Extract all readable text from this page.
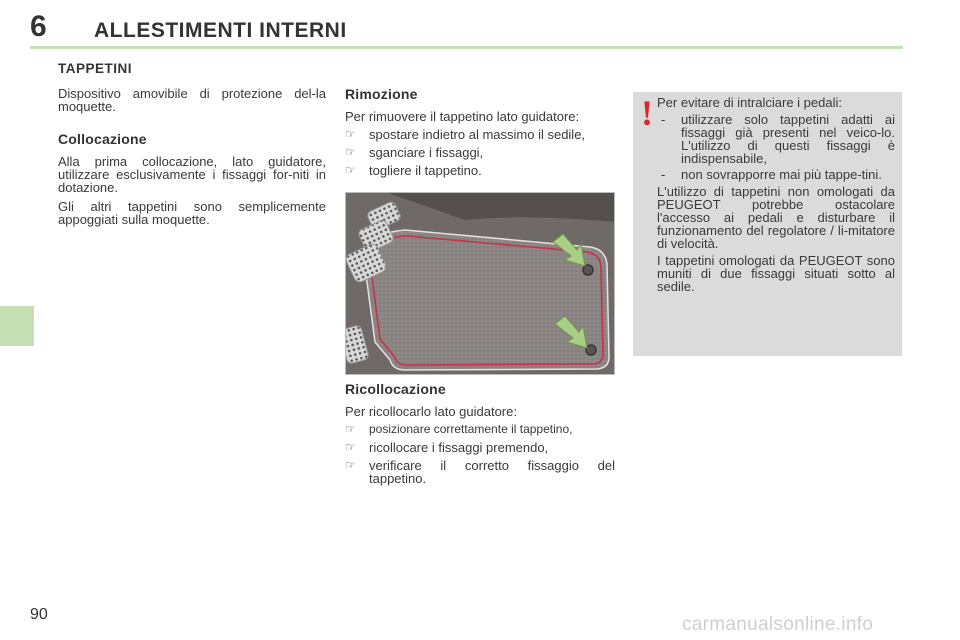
6 ALLESTIMENTI INTERNI
TAPPETINI

Dispositivo amovibile di protezione del-la moquette.

Collocazione

Alla prima collocazione, lato guidatore, utilizzare esclusivamente i fissaggi for-niti in dotazione.

Gli altri tappetini sono semplicemente appoggiati sulla moquette.

Rimozione

Per rimuovere il tappetino lato guidatore:

☞ spostare indietro al massimo il sedile,
☞ sganciare i fissaggi,
☞ togliere il tappetino.
Ricollocazione

Per ricollocarlo lato guidatore:

☞ posizionare correttamente il tappetino,
☞ ricollocare i fissaggi premendo,
☞ verificare il corretto fissaggio del tappetino.
! Per evitare di intralciare i pedali:

- utilizzare solo tappetini adatti ai fissaggi già presenti nel veico-lo. L'utilizzo di questi fissaggi è indispensabile,
- non sovrapporre mai più tappe-tini.

L'utilizzo di tappetini non omologati da PEUGEOT potrebbe ostacolare l'accesso ai pedali e disturbare il funzionamento del regolatore / li-mitatore di velocità.

I tappetini omologati da PEUGEOT sono muniti di due fissaggi situati sotto al sedile.

90	carmanualsonline.info
